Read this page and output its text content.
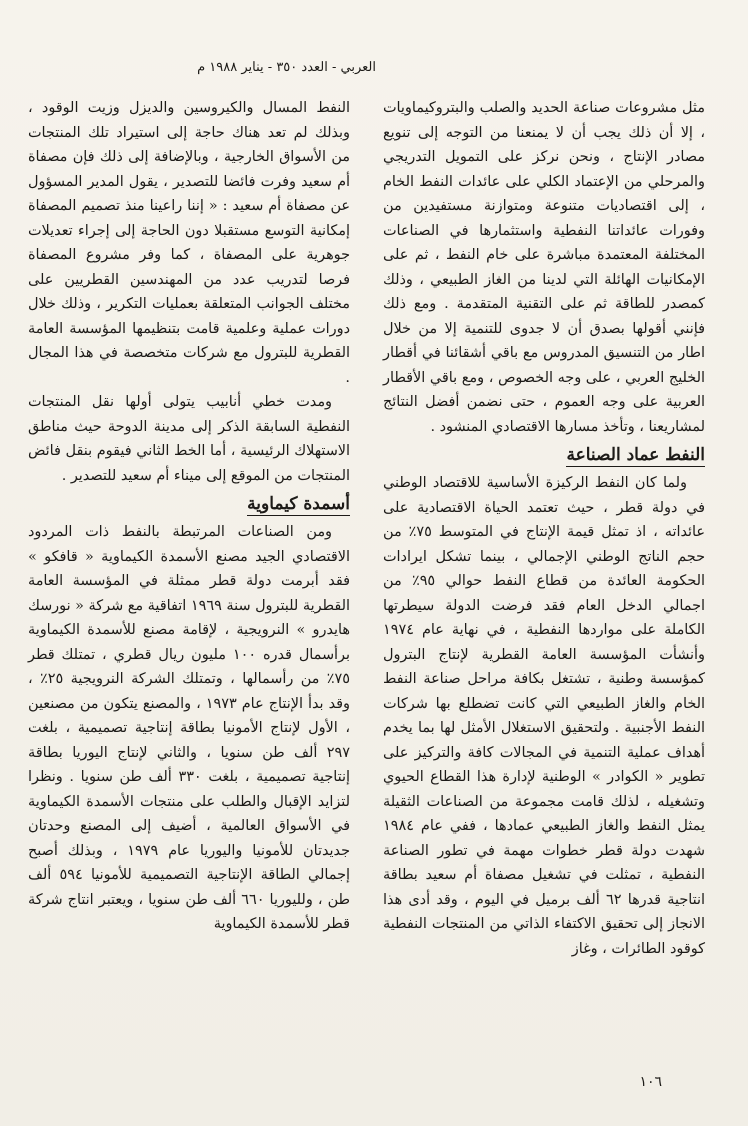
العربي - العدد ٣٥٠ - يناير ١٩٨٨ م

مثل مشروعات صناعة الحديد والصلب والبتروكيماويات ، إلا أن ذلك يجب أن لا يمنعنا من التوجه إلى تنويع مصادر الإنتاج ، ونحن نركز على التمويل التدريجي والمرحلي من الإعتماد الكلي على عائدات النفط الخام ، إلى اقتصاديات متنوعة ومتوازنة مستفيدين من وفورات عائداتنا النفطية واستثمارها في الصناعات المختلفة المعتمدة مباشرة على خام النفط ، ثم على الإمكانيات الهائلة التي لدينا من الغاز الطبيعي ، وذلك كمصدر للطاقة ثم على التقنية المتقدمة . ومع ذلك فإنني أقولها بصدق أن لا جدوى للتنمية إلا من خلال اطار من التنسيق المدروس مع باقي أشقائنا في أقطار الخليج العربي ، على وجه الخصوص ، ومع باقي الأقطار العربية على وجه العموم ، حتى نضمن أفضل النتائج لمشاريعنا ، وتأخذ مسارها الاقتصادي المنشود .

النفط عماد الصناعة

ولما كان النفط الركيزة الأساسية للاقتصاد الوطني في دولة قطر ، حيث تعتمد الحياة الاقتصادية على عائداته ، اذ تمثل قيمة الإنتاج في المتوسط ٧٥٪ من حجم الناتج الوطني الإجمالي ، بينما تشكل ايرادات الحكومة العائدة من قطاع النفط حوالي ٩٥٪ من اجمالي الدخل العام فقد فرضت الدولة سيطرتها الكاملة على مواردها النفطية ، في نهاية عام ١٩٧٤ وأنشأت المؤسسة العامة القطرية لإنتاج البترول كمؤسسة وطنية ، تشتغل بكافة مراحل صناعة النفط الخام والغاز الطبيعي التي كانت تضطلع بها شركات النفط الأجنبية . ولتحقيق الاستغلال الأمثل لها بما يخدم أهداف عملية التنمية في المجالات كافة والتركيز على تطوير « الكوادر » الوطنية لإدارة هذا القطاع الحيوي وتشغيله ، لذلك قامت مجموعة من الصناعات الثقيلة يمثل النفط والغاز الطبيعي عمادها ، ففي عام ١٩٨٤ شهدت دولة قطر خطوات مهمة في تطور الصناعة النفطية ، تمثلت في تشغيل مصفاة أم سعيد بطاقة انتاجية قدرها ٦٢ ألف برميل في اليوم ، وقد أدى هذا الانجاز إلى تحقيق الاكتفاء الذاتي من المنتجات النفطية كوقود الطائرات ، وغاز

النفط المسال والكيروسين والديزل وزيت الوقود ، وبذلك لم تعد هناك حاجة إلى استيراد تلك المنتجات من الأسواق الخارجية ، وبالإضافة إلى ذلك فإن مصفاة أم سعيد وفرت فائضا للتصدير ، يقول المدير المسؤول عن مصفاة أم سعيد : « إننا راعينا منذ تصميم المصفاة إمكانية التوسع مستقبلا دون الحاجة إلى إجراء تعديلات جوهرية على المصفاة ، كما وفر مشروع المصفاة فرصا لتدريب عدد من المهندسين القطريين على مختلف الجوانب المتعلقة بعمليات التكرير ، وذلك خلال دورات عملية وعلمية قامت بتنظيمها المؤسسة العامة القطرية للبترول مع شركات متخصصة في هذا المجال .

ومدت خطي أنابيب يتولى أولها نقل المنتجات النفطية السابقة الذكر إلى مدينة الدوحة حيث مناطق الاستهلاك الرئيسية ، أما الخط الثاني فيقوم بنقل فائض المنتجات من الموقع إلى ميناء أم سعيد للتصدير .

أسمدة كيماوية

ومن الصناعات المرتبطة بالنفط ذات المردود الاقتصادي الجيد مصنع الأسمدة الكيماوية « قافكو » فقد أبرمت دولة قطر ممثلة في المؤسسة العامة القطرية للبترول سنة ١٩٦٩ اتفاقية مع شركة « نورسك هايدرو » النرويجية ، لإقامة مصنع للأسمدة الكيماوية برأسمال قدره ١٠٠ مليون ريال قطري ، تمتلك قطر ٧٥٪ من رأسمالها ، وتمتلك الشركة النرويجية ٢٥٪ ، وقد بدأ الإنتاج عام ١٩٧٣ ، والمصنع يتكون من مصنعين ، الأول لإنتاج الأمونيا بطاقة إنتاجية تصميمية ، بلغت ٢٩٧ ألف طن سنويا ، والثاني لإنتاج اليوريا بطاقة إنتاجية تصميمية ، بلغت ٣٣٠ ألف طن سنويا . ونظرا لتزايد الإقبال والطلب على منتجات الأسمدة الكيماوية في الأسواق العالمية ، أضيف إلى المصنع وحدتان جديدتان للأمونيا واليوريا عام ١٩٧٩ ، وبذلك أصبح إجمالي الطاقة الإنتاجية التصميمية للأمونيا ٥٩٤ ألف طن ، ولليوريا ٦٦٠ ألف طن سنويا ، ويعتبر انتاج شركة قطر للأسمدة الكيماوية

١٠٦
